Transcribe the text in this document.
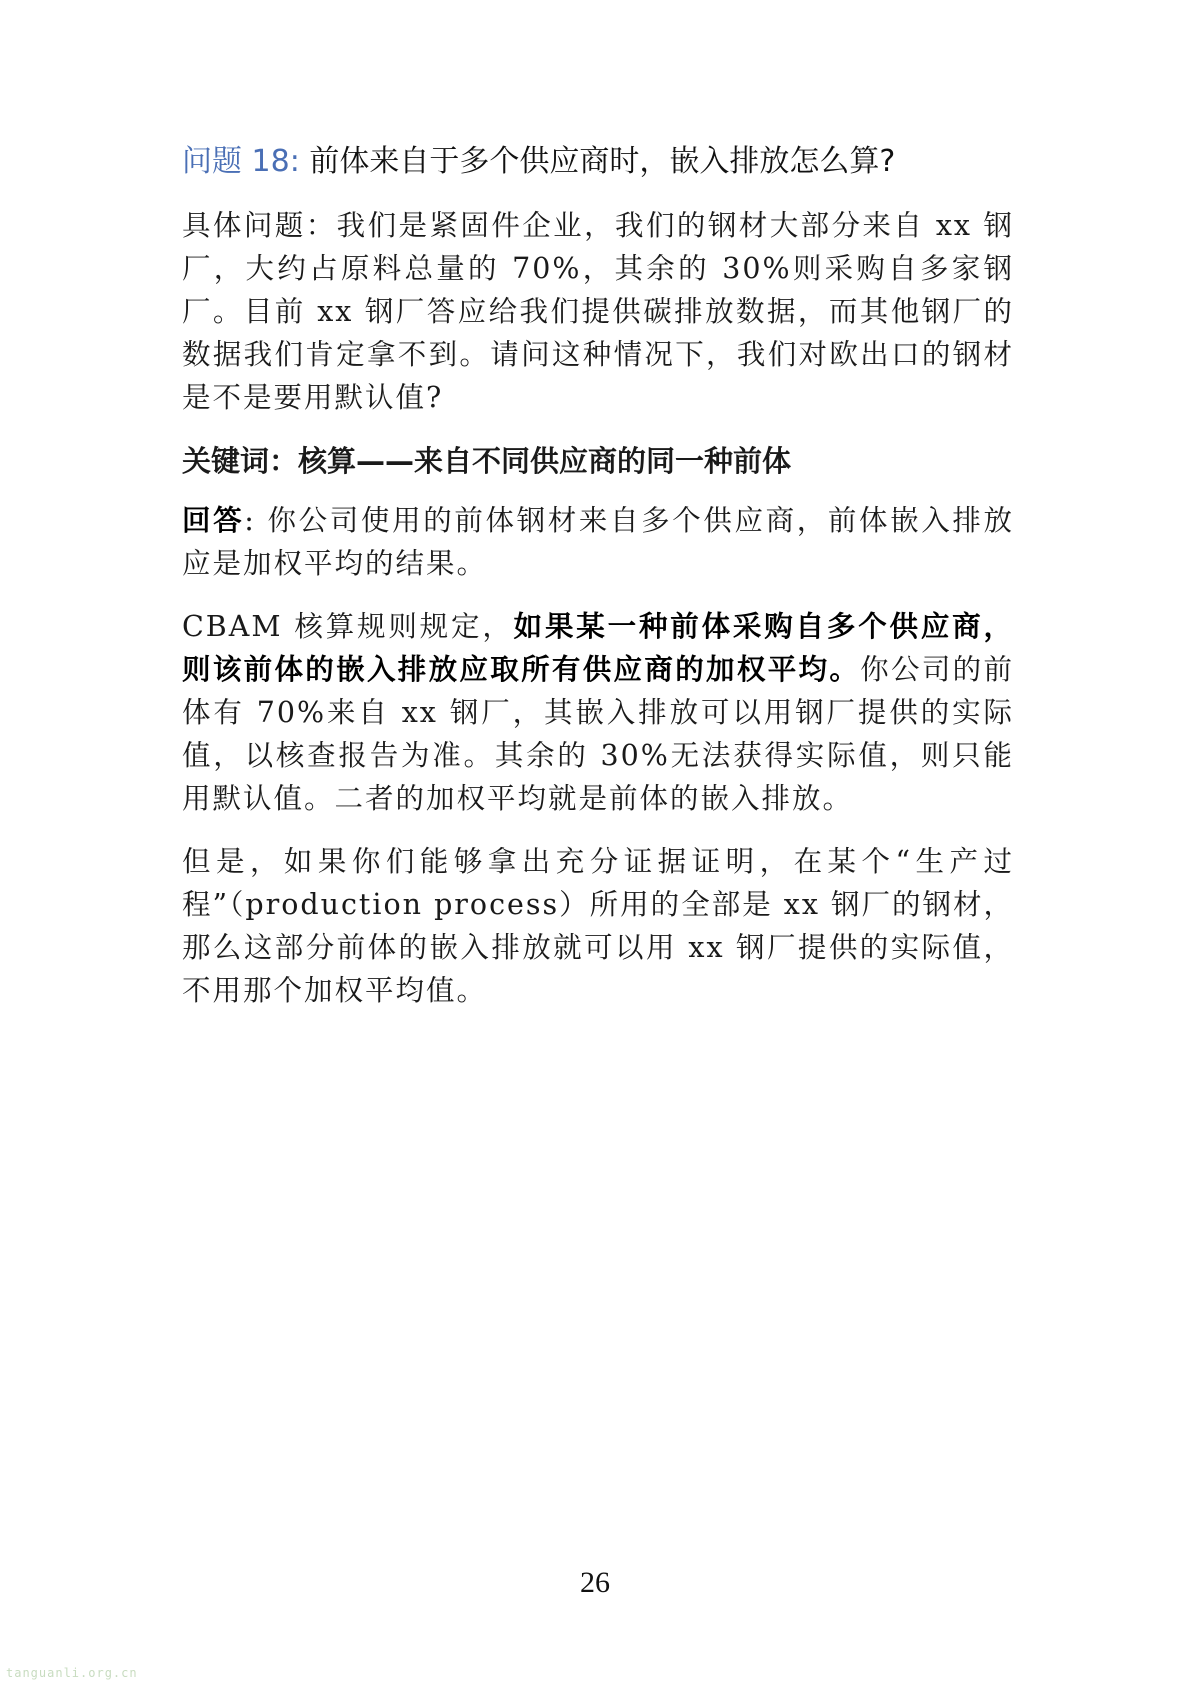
问题 18: 前体来自于多个供应商时，嵌入排放怎么算?

具体问题：我们是紧固件企业，我们的钢材大部分来自 xx 钢厂，大约占原料总量的 70%，其余的 30%则采购自多家钢厂。目前 xx 钢厂答应给我们提供碳排放数据，而其他钢厂的数据我们肯定拿不到。请问这种情况下，我们对欧出口的钢材是不是要用默认值?

关键词：核算——来自不同供应商的同一种前体

回答: 你公司使用的前体钢材来自多个供应商，前体嵌入排放应是加权平均的结果。

CBAM 核算规则规定，如果某一种前体采购自多个供应商，则该前体的嵌入排放应取所有供应商的加权平均。你公司的前体有 70%来自 xx 钢厂，其嵌入排放可以用钢厂提供的实际值，以核查报告为准。其余的 30%无法获得实际值，则只能用默认值。二者的加权平均就是前体的嵌入排放。

但是，如果你们能够拿出充分证据证明，在某个“生产过程”（production process）所用的全部是 xx 钢厂的钢材，那么这部分前体的嵌入排放就可以用 xx 钢厂提供的实际值，不用那个加权平均值。

26
tanguanli.org.cn
